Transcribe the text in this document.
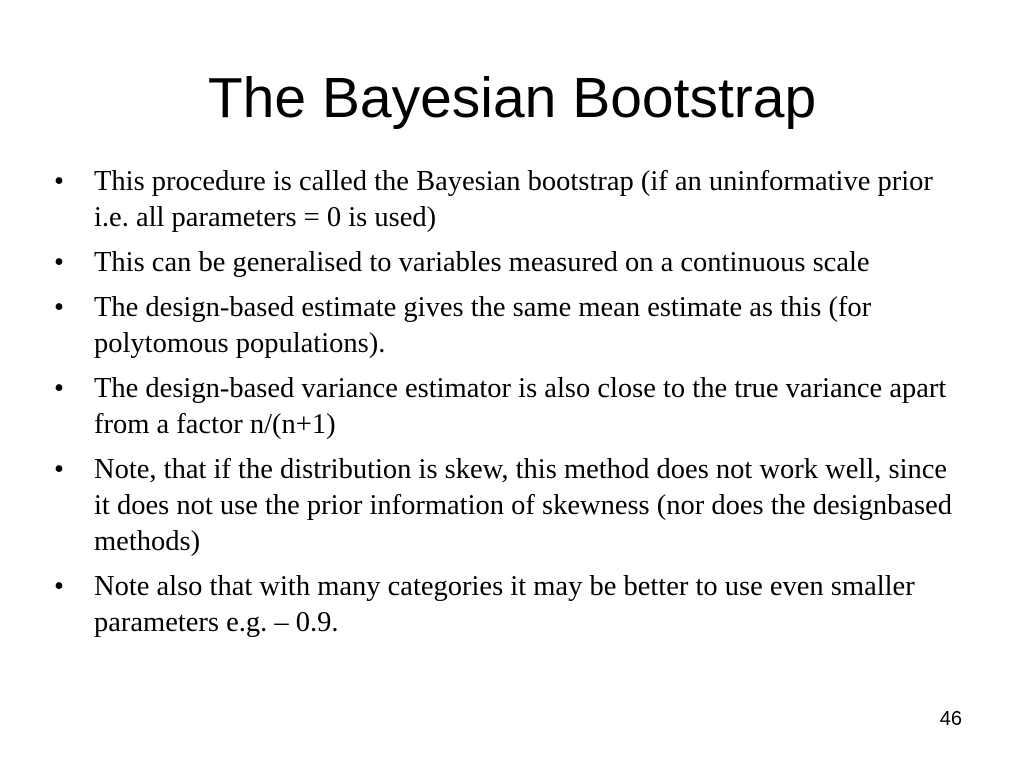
The Bayesian Bootstrap
•	This procedure is called the Bayesian bootstrap (if an uninformative prior i.e. all parameters = 0 is used)
•	This can be generalised to variables measured on a continuous scale
•	The design-based estimate gives the same mean estimate as this (for polytomous populations).
•	The design-based variance estimator is also close to the true variance apart from a factor n/(n+1)
•	Note, that if the distribution is skew, this method does not work well, since it does not use the prior information of skewness (nor does the designbased methods)
•	Note also that with many categories it may be better to use even smaller parameters e.g. – 0.9.
46
